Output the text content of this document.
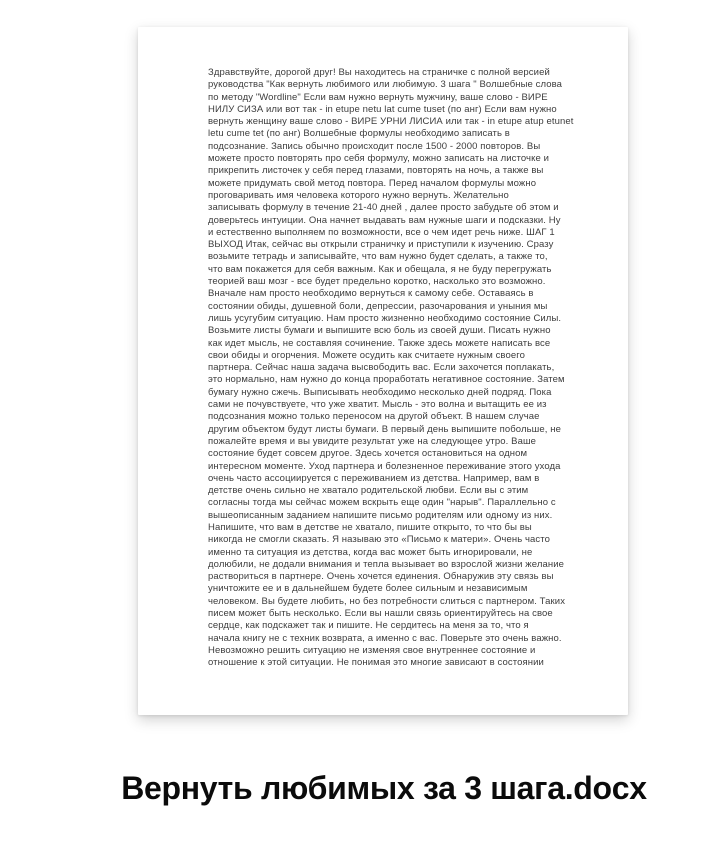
Здравствуйте, дорогой друг! Вы находитесь на страничке с полной версией
руководства "Как вернуть любимого или любимую. 3 шага " Волшебные слова
по методу "Wordline" Если вам нужно вернуть мужчину, ваше слово - ВИРЕ
НИЛУ СИЗА или вот так - in etupe netu lat cume tuset (по анг) Если вам нужно
вернуть женщину ваше слово - ВИРЕ УРНИ ЛИСИА или так - in etupe atup etunet
letu cume tet (по анг) Волшебные формулы необходимо записать в
подсознание. Запись обычно происходит после 1500 - 2000 повторов. Вы
можете просто повторять про себя формулу, можно записать на листочке и
прикрепить листочек у себя перед глазами, повторять на ночь, а также вы
можете придумать свой метод повтора. Перед началом формулы можно
проговаривать имя человека которого нужно вернуть. Желательно
записывать формулу в течение 21-40 дней , далее просто забудьте об этом и
доверьтесь интуиции. Она начнет выдавать вам нужные шаги и подсказки. Ну
и естественно выполняем по возможности, все о чем идет речь ниже. ШАГ 1
ВЫХОД Итак, сейчас вы открыли страничку и приступили к изучению. Сразу
возьмите тетрадь и записывайте, что вам нужно будет сделать, а также то,
что вам покажется для себя важным. Как и обещала, я не буду перегружать
теорией ваш мозг - все будет предельно коротко, насколько это возможно.
Вначале нам просто необходимо вернуться к самому себе. Оставаясь в
состоянии обиды, душевной боли, депрессии, разочарования и уныния мы
лишь усугубим ситуацию. Нам просто жизненно необходимо состояние Силы.
Возьмите листы бумаги и выпишите всю боль из своей души. Писать нужно
как идет мысль, не составляя сочинение. Также здесь можете написать все
свои обиды и огорчения. Можете осудить как считаете нужным своего
партнера. Сейчас наша задача высвободить вас. Если захочется поплакать,
это нормально, нам нужно до конца проработать негативное состояние. Затем
бумагу нужно сжечь. Выписывать необходимо несколько дней подряд. Пока
сами не почувствуете, что уже хватит. Мысль - это волна и вытащить ее из
подсознания можно только переносом на другой объект. В нашем случае
другим объектом будут листы бумаги. В первый день выпишите побольше, не
пожалейте время и вы увидите результат уже на следующее утро. Ваше
состояние будет совсем другое. Здесь хочется остановиться на одном
интересном моменте. Уход партнера и болезненное переживание этого ухода
очень часто ассоциируется с переживанием из детства. Например, вам в
детстве очень сильно не хватало родительской любви. Если вы с этим
согласны тогда мы сейчас можем вскрыть еще один "нарыв". Параллельно с
вышеописанным заданием напишите письмо родителям или одному из них.
Напишите, что вам в детстве не хватало, пишите открыто, то что бы вы
никогда не смогли сказать. Я называю это «Письмо к матери». Очень часто
именно та ситуация из детства, когда вас может быть игнорировали, не
долюбили, не додали внимания и тепла вызывает во взрослой жизни желание
раствориться в партнере. Очень хочется единения. Обнаружив эту связь вы
уничтожите ее и в дальнейшем будете более сильным и независимым
человеком. Вы будете любить, но без потребности слиться с партнером. Таких
писем может быть несколько. Если вы нашли связь ориентируйтесь на свое
сердце, как подскажет так и пишите. Не сердитесь на меня за то, что я
начала книгу не с техник возврата, а именно с вас. Поверьте это очень важно.
Невозможно решить ситуацию не изменяя свое внутреннее состояние и
отношение к этой ситуации. Не понимая это многие зависают в состоянии
Вернуть любимых за 3 шага.docx
